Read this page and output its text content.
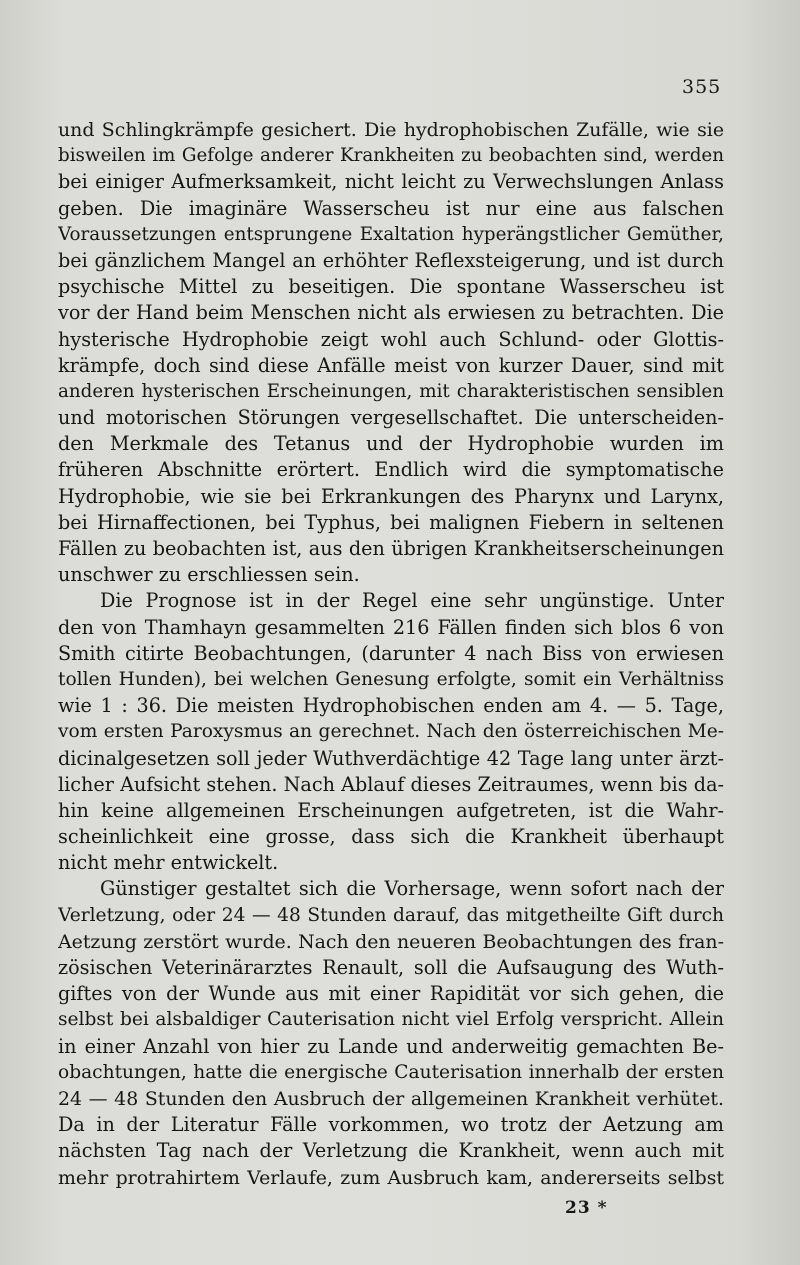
355
und Schlingkrämpfe gesichert. Die hydrophobischen Zufälle, wie sie
bisweilen im Gefolge anderer Krankheiten zu beobachten sind, werden
bei einiger Aufmerksamkeit, nicht leicht zu Verwechslungen Anlass
geben. Die imaginäre Wasserscheu ist nur eine aus falschen
Voraussetzungen entsprungene Exaltation hyperängstlicher Gemüther,
bei gänzlichem Mangel an erhöhter Reflexsteigerung, und ist durch
psychische Mittel zu beseitigen. Die spontane Wasserscheu ist
vor der Hand beim Menschen nicht als erwiesen zu betrachten. Die
hysterische Hydrophobie zeigt wohl auch Schlund- oder Glottis-
krämpfe, doch sind diese Anfälle meist von kurzer Dauer, sind mit
anderen hysterischen Erscheinungen, mit charakteristischen sensiblen
und motorischen Störungen vergesellschaftet. Die unterscheiden-
den Merkmale des Tetanus und der Hydrophobie wurden im
früheren Abschnitte erörtert. Endlich wird die symptomatische
Hydrophobie, wie sie bei Erkrankungen des Pharynx und Larynx,
bei Hirnaffectionen, bei Typhus, bei malignen Fiebern in seltenen
Fällen zu beobachten ist, aus den übrigen Krankheitserscheinungen
unschwer zu erschliessen sein.
Die Prognose ist in der Regel eine sehr ungünstige. Unter
den von Thamhayn gesammelten 216 Fällen finden sich blos 6 von
Smith citirte Beobachtungen, (darunter 4 nach Biss von erwiesen
tollen Hunden), bei welchen Genesung erfolgte, somit ein Verhältniss
wie 1 : 36. Die meisten Hydrophobischen enden am 4. — 5. Tage,
vom ersten Paroxysmus an gerechnet. Nach den österreichischen Me-
dicinalgesetzen soll jeder Wuthverdächtige 42 Tage lang unter ärzt-
licher Aufsicht stehen. Nach Ablauf dieses Zeitraumes, wenn bis da-
hin keine allgemeinen Erscheinungen aufgetreten, ist die Wahr-
scheinlichkeit eine grosse, dass sich die Krankheit überhaupt
nicht mehr entwickelt.
Günstiger gestaltet sich die Vorhersage, wenn sofort nach der
Verletzung, oder 24 — 48 Stunden darauf, das mitgetheilte Gift durch
Aetzung zerstört wurde. Nach den neueren Beobachtungen des fran-
zösischen Veterinärarztes Renault, soll die Aufsaugung des Wuth-
giftes von der Wunde aus mit einer Rapidität vor sich gehen, die
selbst bei alsbaldiger Cauterisation nicht viel Erfolg verspricht. Allein
in einer Anzahl von hier zu Lande und anderweitig gemachten Be-
obachtungen, hatte die energische Cauterisation innerhalb der ersten
24 — 48 Stunden den Ausbruch der allgemeinen Krankheit verhütet.
Da in der Literatur Fälle vorkommen, wo trotz der Aetzung am
nächsten Tag nach der Verletzung die Krankheit, wenn auch mit
mehr protrahirtem Verlaufe, zum Ausbruch kam, andererseits selbst
23 *
